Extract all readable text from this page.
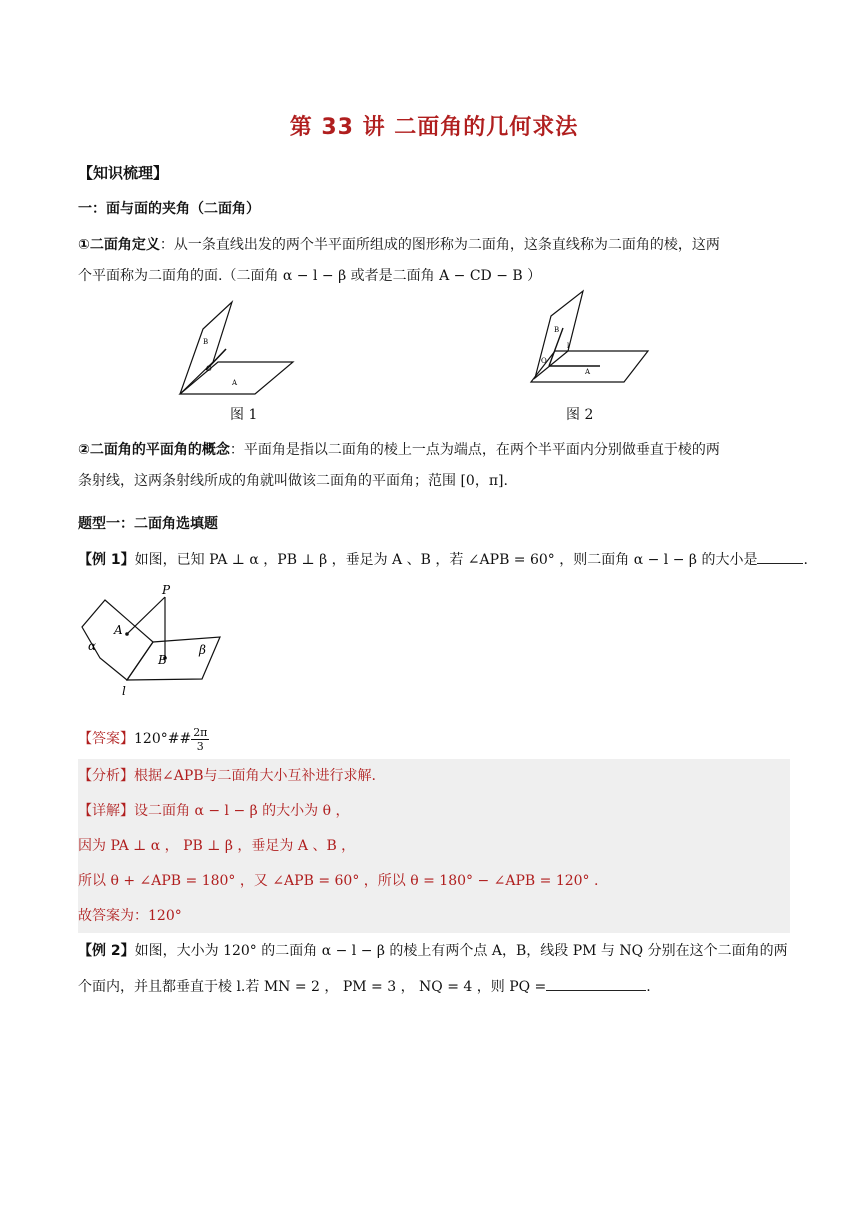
第 33 讲 二面角的几何求法
【知识梳理】
一：面与面的夹角（二面角）
①二面角定义：从一条直线出发的两个半平面所组成的图形称为二面角，这条直线称为二面角的棱，这两
个平面称为二面角的面.（二面角 α − l − β 或者是二面角 A − CD − B ）
B
O
A
图 1
B
O
A
l
图 2
②二面角的平面角的概念：平面角是指以二面角的棱上一点为端点，在两个半平面内分别做垂直于棱的两
条射线，这两条射线所成的角就叫做该二面角的平面角；范围 [0，π].
题型一：二面角选填题
【例 1】如图，已知 PA ⊥ α ，PB ⊥ β ，垂足为 A 、B ，若 ∠APB = 60° ，则二面角 α − l − β 的大小是	.
P
A
B
α	β
l
【答案】120°## $\frac{2\pi}{3}$
【分析】根据∠APB与二面角大小互补进行求解.
【详解】设二面角 α − l − β 的大小为 θ ，
因为 PA ⊥ α ， PB ⊥ β ，垂足为 A 、B ，
所以 θ + ∠APB = 180° ，又 ∠APB = 60° ，所以 θ = 180° − ∠APB = 120° .
故答案为：120°
【例 2】如图，大小为 120° 的二面角 α − l − β 的棱上有两个点 A，B，线段 PM 与 NQ 分别在这个二面角的两
个面内，并且都垂直于棱 l.若 MN = 2 ， PM = 3 ， NQ = 4 ，则 PQ =	.
